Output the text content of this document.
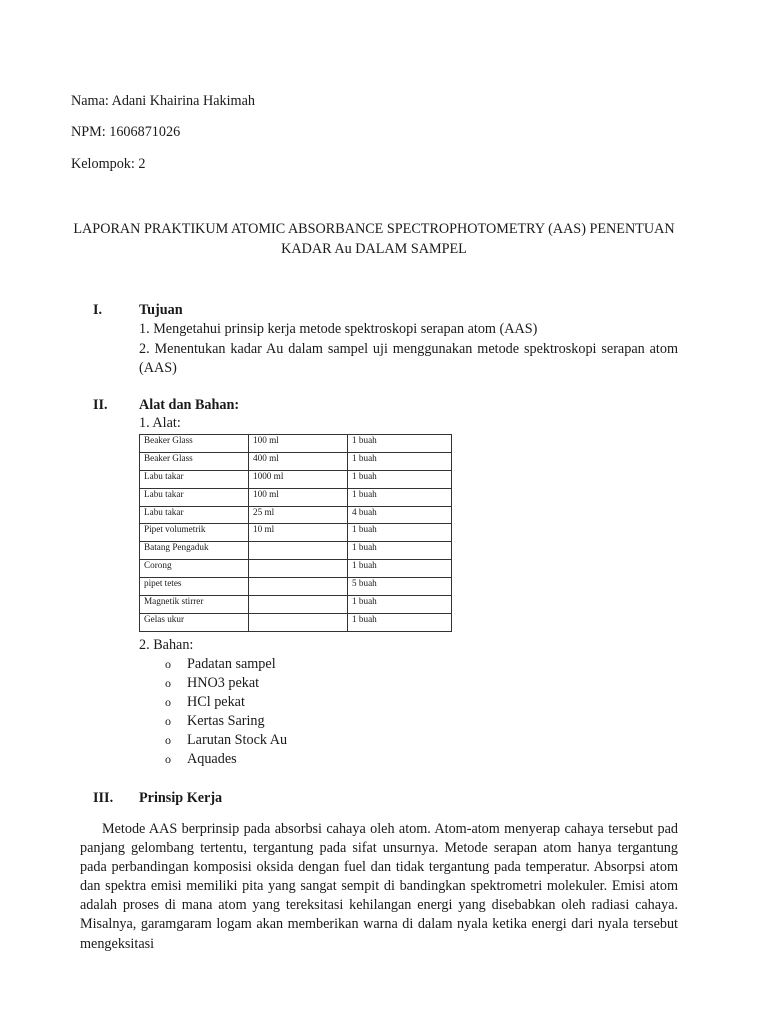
Nama: Adani Khairina Hakimah
NPM: 1606871026
Kelompok: 2
LAPORAN PRAKTIKUM ATOMIC ABSORBANCE SPECTROPHOTOMETRY (AAS) PENENTUAN KADAR Au DALAM SAMPEL
I.	Tujuan
1. Mengetahui prinsip kerja metode spektroskopi serapan atom (AAS)
2. Menentukan kadar Au dalam sampel uji menggunakan metode spektroskopi serapan atom (AAS)
II. Alat dan Bahan:
1. Alat:
Beaker Glass	100 ml	1 buah
Beaker Glass	400 ml	1 buah
Labu takar	1000 ml	1 buah
Labu takar	100 ml	1 buah
Labu takar	25 ml	4 buah
Pipet volumetrik	10 ml	1 buah
Batang Pengaduk		1 buah
Corong		1 buah
pipet tetes		5 buah
Magnetik stirrer		1 buah
Gelas ukur		1 buah
2. Bahan:
o Padatan sampel
o HNO3 pekat
o HCl pekat
o Kertas Saring
o Larutan Stock Au
o Aquades
III. Prinsip Kerja
Metode AAS berprinsip pada absorbsi cahaya oleh atom. Atom-atom menyerap cahaya tersebut pad panjang gelombang tertentu, tergantung pada sifat unsurnya. Metode serapan atom hanya tergantung pada perbandingan komposisi oksida dengan fuel dan tidak tergantung pada temperatur. Absorpsi atom dan spektra emisi memiliki pita yang sangat sempit di bandingkan spektrometri molekuler. Emisi atom adalah proses di mana atom yang tereksitasi kehilangan energi yang disebabkan oleh radiasi cahaya. Misalnya, garamgaram logam akan memberikan warna di dalam nyala ketika energi dari nyala tersebut mengeksitasi
